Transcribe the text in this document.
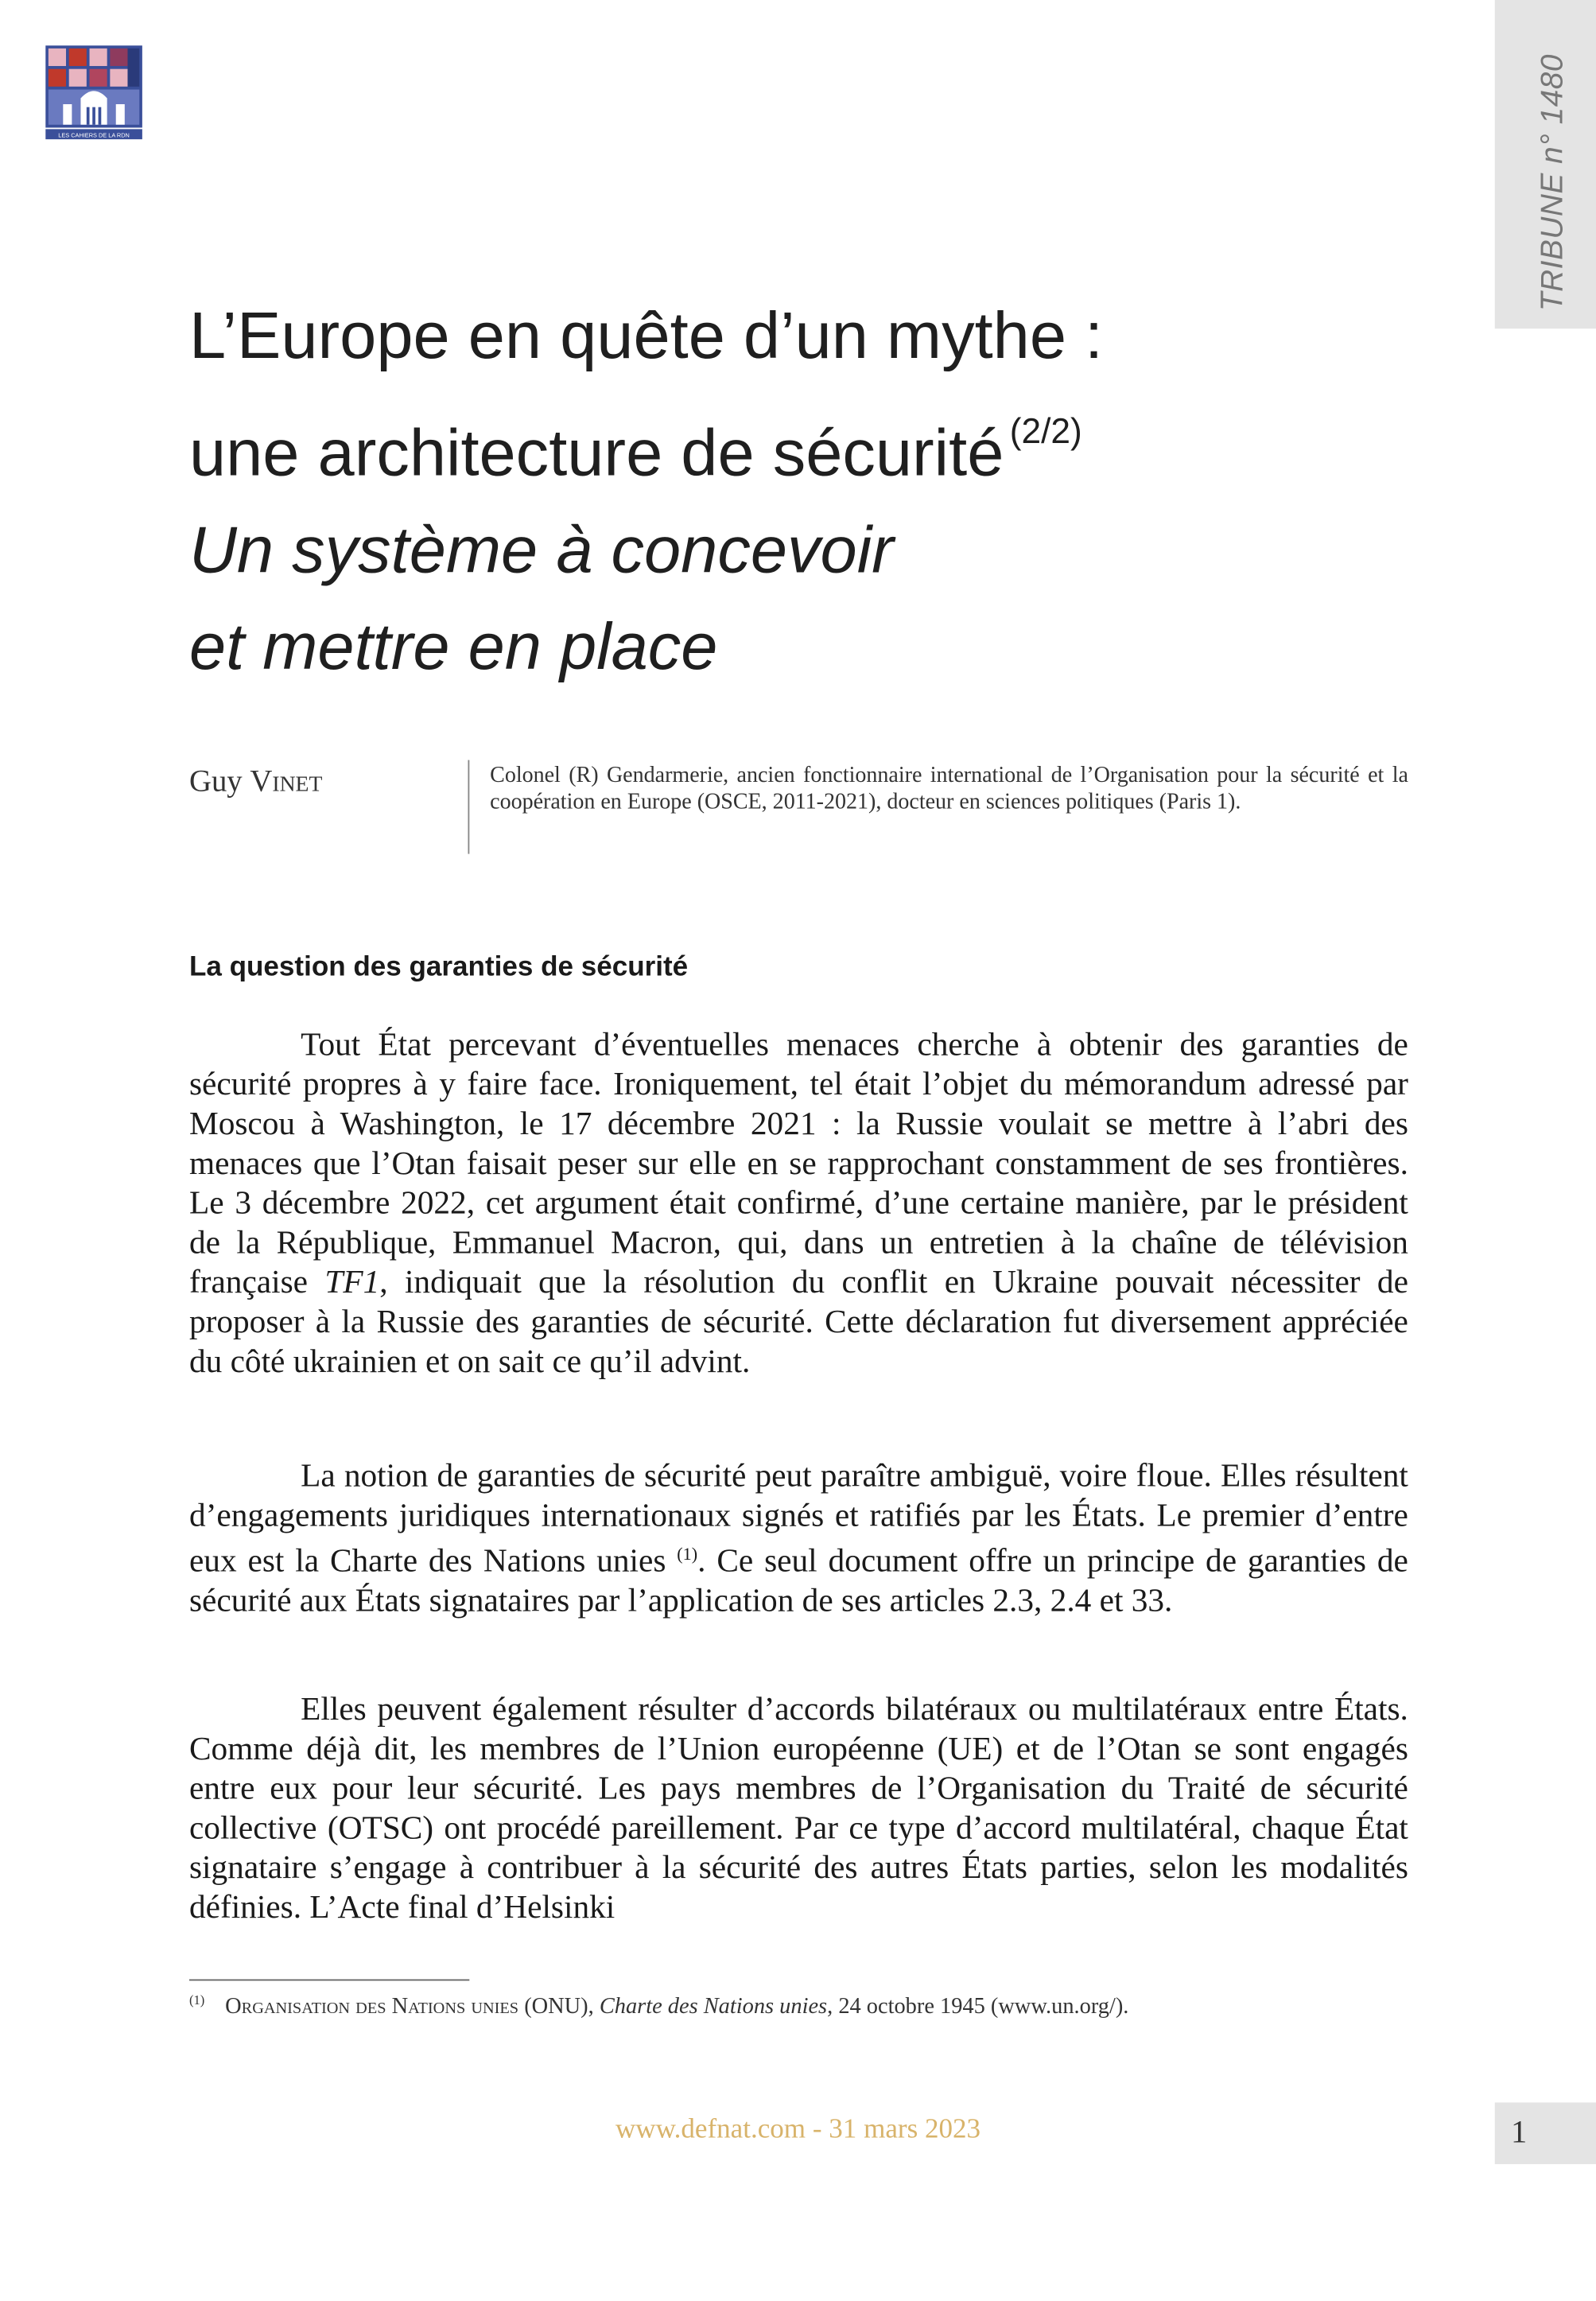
LES CAHIERS DE LA RDN	TRIBUNE n° 1480
L’Europe en quête d’un mythe :
une architecture de sécurité $^{(2/2)}$
Un système à concevoir
et mettre en place
Guy Vinet	Colonel (R) Gendarmerie, ancien fonctionnaire international de l’Organisation pour la sécurité et la coopération en Europe (OSCE, 2011-2021), docteur en sciences politiques (Paris 1).
La question des garanties de sécurité

Tout État percevant d’éventuelles menaces cherche à obtenir des garanties de sécurité propres à y faire face. Ironiquement, tel était l’objet du mémorandum adressé par Moscou à Washington, le 17 décembre 2021 : la Russie voulait se mettre à l’abri des menaces que l’Otan faisait peser sur elle en se rapprochant constamment de ses frontières. Le 3 décembre 2022, cet argument était confirmé, d’une certaine manière, par le président de la République, Emmanuel Macron, qui, dans un entretien à la chaîne de télévision française TF1, indiquait que la résolution du conflit en Ukraine pouvait nécessiter de proposer à la Russie des garanties de sécurité. Cette déclaration fut diversement appréciée du côté ukrainien et on sait ce qu’il advint.

La notion de garanties de sécurité peut paraître ambiguë, voire floue. Elles résultent d’engagements juridiques internationaux signés et ratifiés par les États. Le premier d’entre eux est la Charte des Nations unies $^{(1)}$. Ce seul document offre un principe de garanties de sécurité aux États signataires par l’application de ses articles 2.3, 2.4 et 33.

Elles peuvent également résulter d’accords bilatéraux ou multilatéraux entre États. Comme déjà dit, les membres de l’Union européenne (UE) et de l’Otan se sont engagés entre eux pour leur sécurité. Les pays membres de l’Organisation du Traité de sécurité collective (OTSC) ont procédé pareillement. Par ce type d’accord multilatéral, chaque État signataire s’engage à contribuer à la sécurité des autres États parties, selon les modalités définies. L’Acte final d’Helsinki

$^{(1)}$ Organisation des Nations unies (ONU), Charte des Nations unies, 24 octobre 1945 (www.un.org/).
www.defnat.com - 31 mars 2023	1
